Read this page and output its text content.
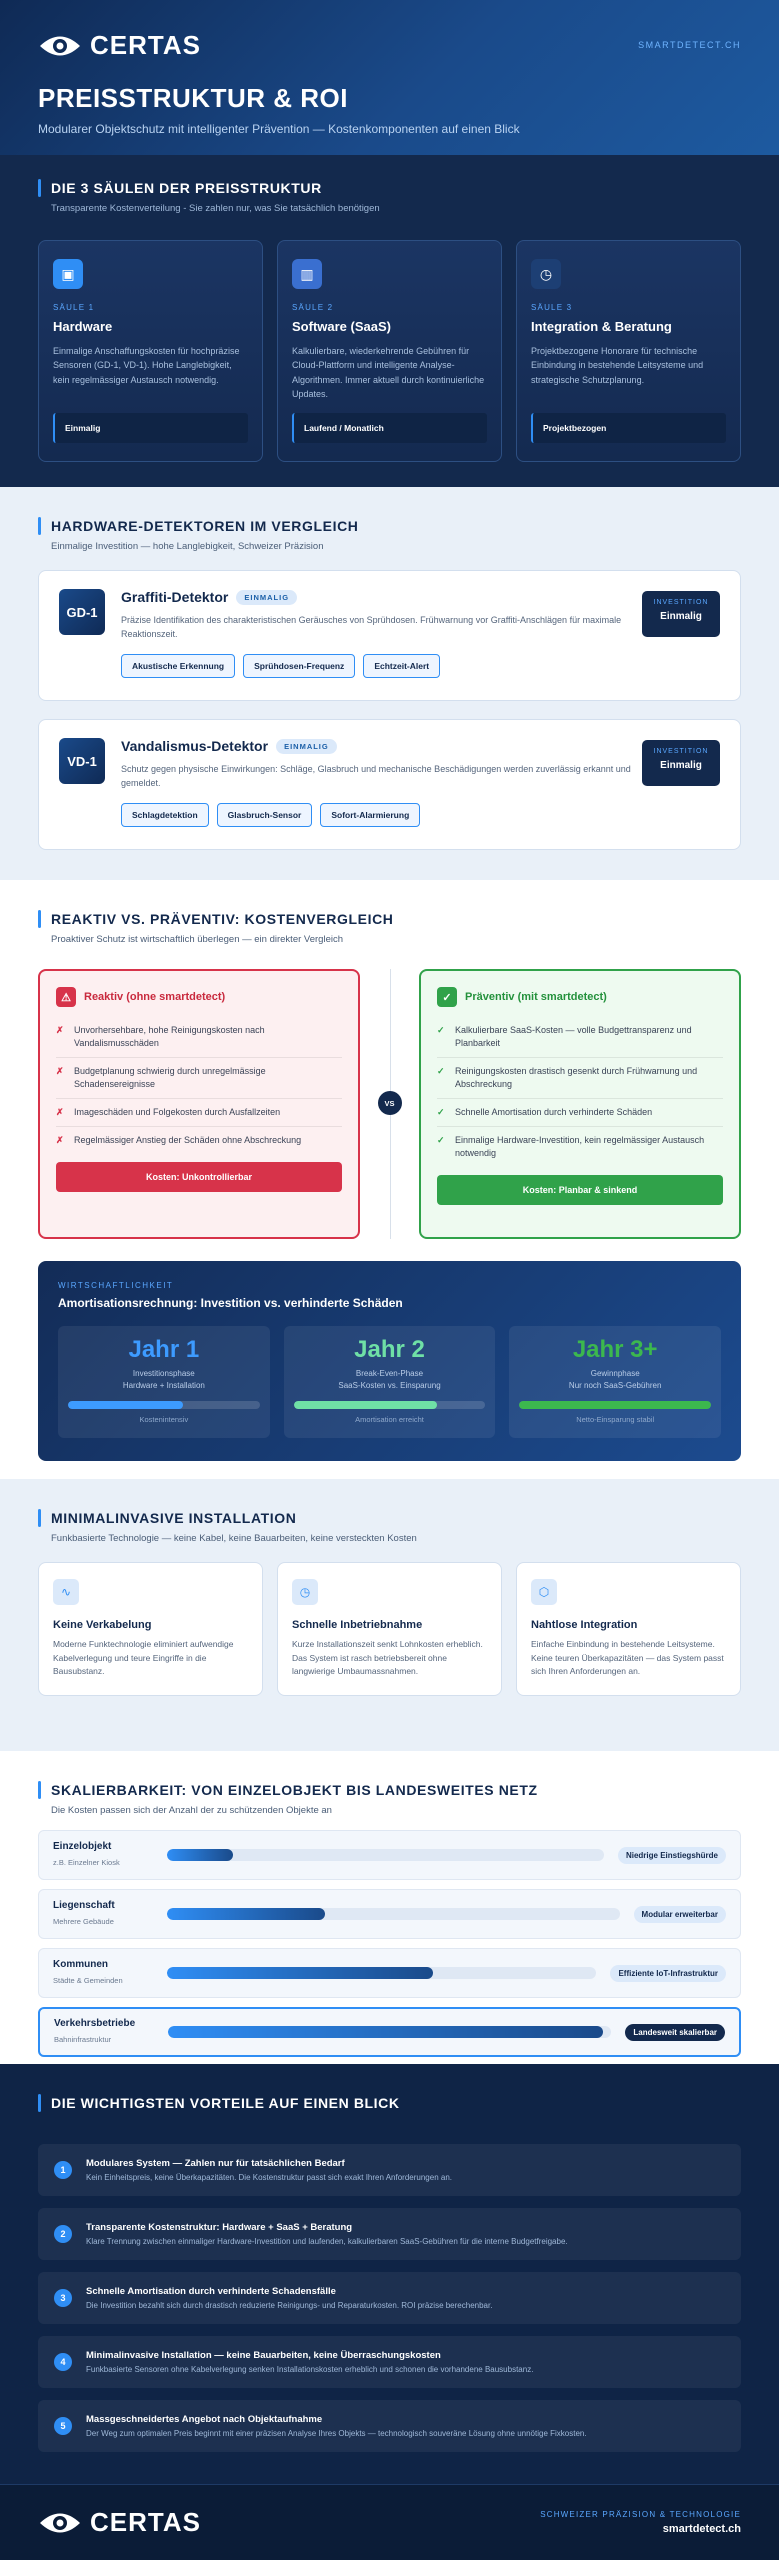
CERTAS	SMARTDETECT.CH
PREISSTRUKTUR & ROI

Modularer Objektschutz mit intelligenter Prävention — Kostenkomponenten auf einen Blick

DIE 3 SÄULEN DER PREISSTRUKTUR
Transparente Kostenverteilung - Sie zahlen nur, was Sie tatsächlich benötigen
▣
SÄULE 1
Hardware
Einmalige Anschaffungskosten für hochpräzise Sensoren (GD-1, VD-1). Hohe Langlebigkeit, kein regelmässiger Austausch notwendig.
Einmalig
▥
SÄULE 2
Software (SaaS)
Kalkulierbare, wiederkehrende Gebühren für Cloud-Plattform und intelligente Analyse-Algorithmen. Immer aktuell durch kontinuierliche Updates.
Laufend / Monatlich
◷
SÄULE 3
Integration & Beratung
Projektbezogene Honorare für technische Einbindung in bestehende Leitsysteme und strategische Schutzplanung.
Projektbezogen
HARDWARE-DETEKTOREN IM VERGLEICH
Einmalige Investition — hohe Langlebigkeit, Schweizer Präzision
GD-1
Graffiti-Detektor	EINMALIG
Präzise Identifikation des charakteristischen Geräusches von Sprühdosen. Frühwarnung vor Graffiti-Anschlägen für maximale Reaktionszeit.
Akustische Erkennung	Sprühdosen-Frequenz	Echtzeit-Alert
INVESTITION
Einmalig
VD-1
Vandalismus-Detektor	EINMALIG
Schutz gegen physische Einwirkungen: Schläge, Glasbruch und mechanische Beschädigungen werden zuverlässig erkannt und gemeldet.
Schlagdetektion	Glasbruch-Sensor	Sofort-Alarmierung
INVESTITION
Einmalig
REAKTIV VS. PRÄVENTIV: KOSTENVERGLEICH
Proaktiver Schutz ist wirtschaftlich überlegen — ein direkter Vergleich
⚠	Reaktiv (ohne smartdetect)
✗ Unvorhersehbare, hohe Reinigungskosten nach Vandalismusschäden
✗ Budgetplanung schwierig durch unregelmässige Schadensereignisse
✗ Imageschäden und Folgekosten durch Ausfallzeiten
✗ Regelmässiger Anstieg der Schäden ohne Abschreckung
Kosten: Unkontrollierbar
VS
✓	Präventiv (mit smartdetect)
✓ Kalkulierbare SaaS-Kosten — volle Budgettransparenz und Planbarkeit
✓ Reinigungskosten drastisch gesenkt durch Frühwarnung und Abschreckung
✓ Schnelle Amortisation durch verhinderte Schäden
✓ Einmalige Hardware-Investition, kein regelmässiger Austausch notwendig
Kosten: Planbar & sinkend
WIRTSCHAFTLICHKEIT
Amortisationsrechnung: Investition vs. verhinderte Schäden
Jahr 1
Investitionsphase
Hardware + Installation
Kostenintensiv
Jahr 2
Break-Even-Phase
SaaS-Kosten vs. Einsparung
Amortisation erreicht
Jahr 3+
Gewinnphase
Nur noch SaaS-Gebühren
Netto-Einsparung stabil
MINIMALINVASIVE INSTALLATION
Funkbasierte Technologie — keine Kabel, keine Bauarbeiten, keine versteckten Kosten
∿
Keine Verkabelung
Moderne Funktechnologie eliminiert aufwendige Kabelverlegung und teure Eingriffe in die Bausubstanz.
◷
Schnelle Inbetriebnahme
Kurze Installationszeit senkt Lohnkosten erheblich. Das System ist rasch betriebsbereit ohne langwierige Umbaumassnahmen.
⬡
Nahtlose Integration
Einfache Einbindung in bestehende Leitsysteme. Keine teuren Überkapazitäten — das System passt sich Ihren Anforderungen an.
SKALIERBARKEIT: VON EINZELOBJEKT BIS LANDESWEITES NETZ
Die Kosten passen sich der Anzahl der zu schützenden Objekte an
Einzelobjekt
z.B. Einzelner Kiosk
Niedrige Einstiegshürde
Liegenschaft
Mehrere Gebäude
Modular erweiterbar
Kommunen
Städte & Gemeinden
Effiziente IoT-Infrastruktur
Verkehrsbetriebe
Bahninfrastruktur
Landesweit skalierbar
DIE WICHTIGSTEN VORTEILE AUF EINEN BLICK
1
Modulares System — Zahlen nur für tatsächlichen Bedarf
Kein Einheitspreis, keine Überkapazitäten. Die Kostenstruktur passt sich exakt Ihren Anforderungen an.
2
Transparente Kostenstruktur: Hardware + SaaS + Beratung
Klare Trennung zwischen einmaliger Hardware-Investition und laufenden, kalkulierbaren SaaS-Gebühren für die interne Budgetfreigabe.
3
Schnelle Amortisation durch verhinderte Schadensfälle
Die Investition bezahlt sich durch drastisch reduzierte Reinigungs- und Reparaturkosten. ROI präzise berechenbar.
4
Minimalinvasive Installation — keine Bauarbeiten, keine Überraschungskosten
Funkbasierte Sensoren ohne Kabelverlegung senken Installationskosten erheblich und schonen die vorhandene Bausubstanz.
5
Massgeschneidertes Angebot nach Objektaufnahme
Der Weg zum optimalen Preis beginnt mit einer präzisen Analyse Ihres Objekts — technologisch souveräne Lösung ohne unnötige Fixkosten.
CERTAS	SCHWEIZER PRÄZISION & TECHNOLOGIE
smartdetect.ch
